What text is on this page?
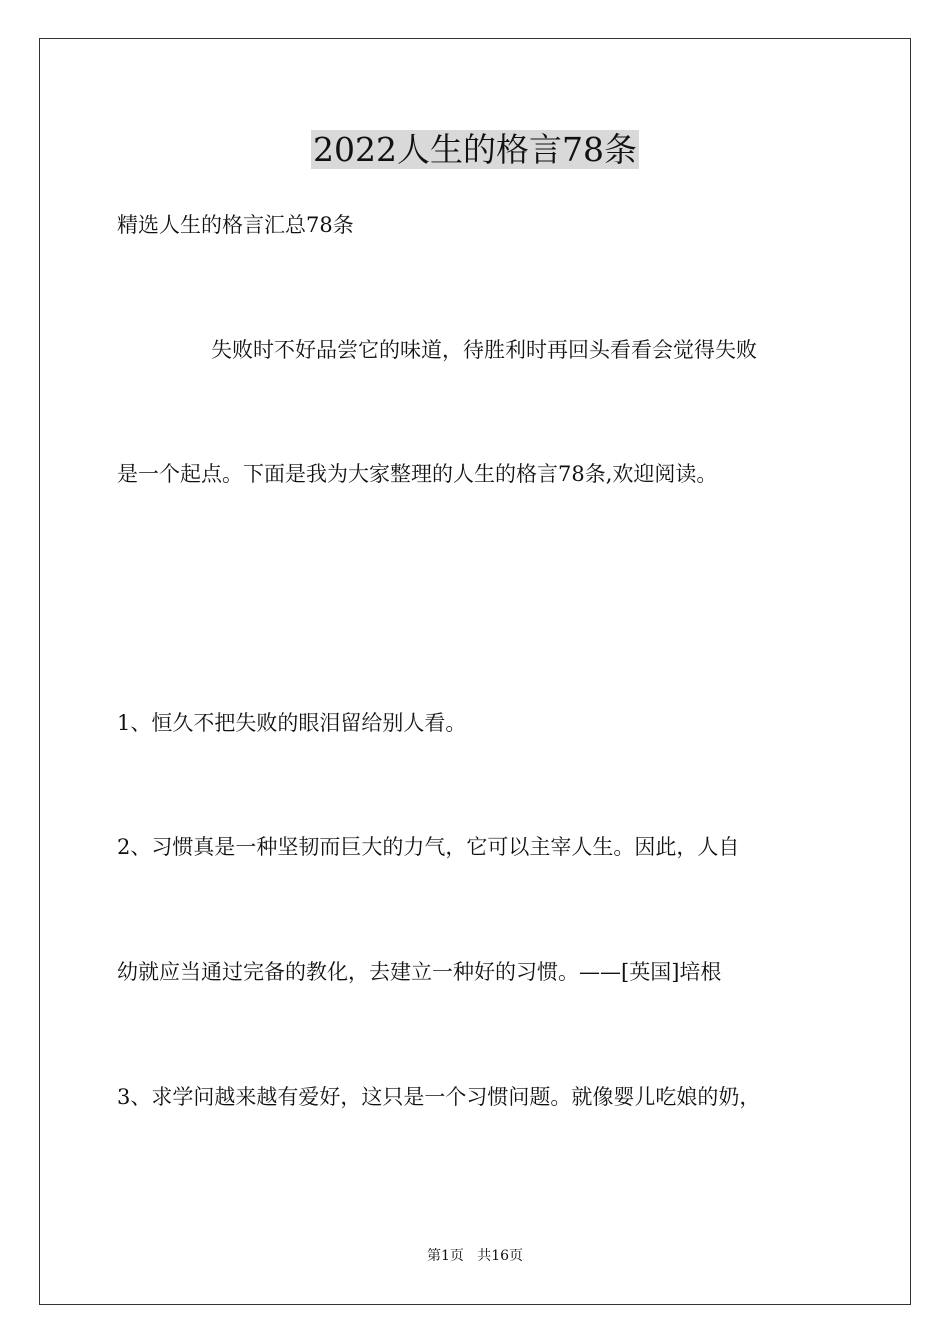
2022人生的格言78条
精选人生的格言汇总78条
失败时不好品尝它的味道，待胜利时再回头看看会觉得失败
是一个起点。下面是我为大家整理的人生的格言78条,欢迎阅读。
1、恒久不把失败的眼泪留给别人看。
2、习惯真是一种坚韧而巨大的力气，它可以主宰人生。因此，人自
幼就应当通过完备的教化，去建立一种好的习惯。——[英国]培根
3、求学问越来越有爱好，这只是一个习惯问题。就像婴儿吃娘的奶，
第1页   共16页
